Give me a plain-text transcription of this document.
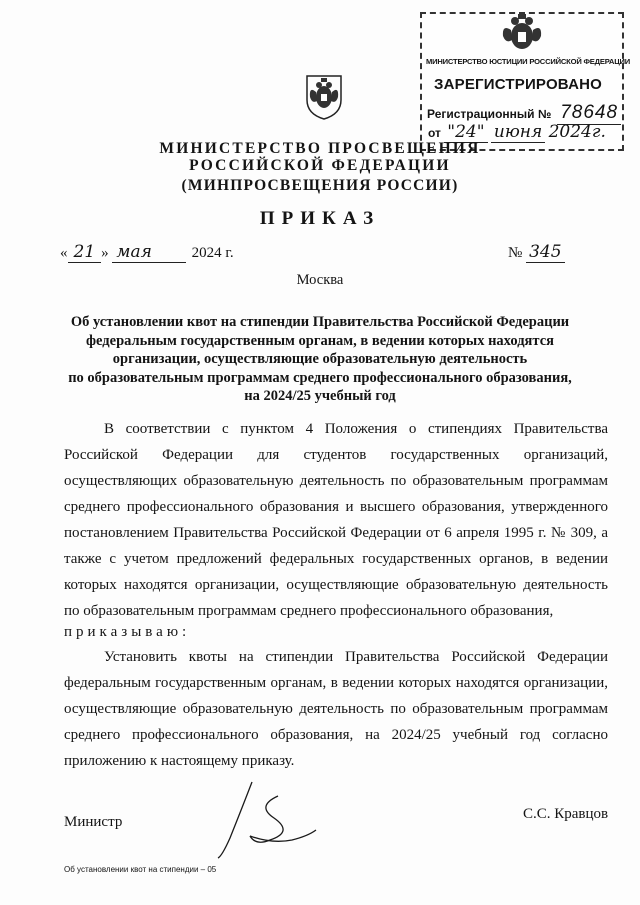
МИНИСТЕРСТВО ЮСТИЦИИ РОССИЙСКОЙ ФЕДЕРАЦИИ
ЗАРЕГИСТРИРОВАНО
Регистрационный № 78648
от "24" июня 2024г.
МИНИСТЕРСТВО ПРОСВЕЩЕНИЯ
РОССИЙСКОЙ ФЕДЕРАЦИИ
(МИНПРОСВЕЩЕНИЯ РОССИИ)
ПРИКАЗ
« 21 » мая	2024 г.	№ 345
Москва
Об установлении квот на стипендии Правительства Российской Федерации
федеральным государственным органам, в ведении которых находятся
организации, осуществляющие образовательную деятельность
по образовательным программам среднего профессионального образования,
на 2024/25 учебный год
В соответствии с пунктом 4 Положения о стипендиях Правительства Российской Федерации для студентов государственных организаций, осуществляющих образовательную деятельность по образовательным программам среднего профессионального образования и высшего образования, утвержденного постановлением Правительства Российской Федерации от 6 апреля 1995 г. № 309, а также с учетом предложений федеральных государственных органов, в ведении которых находятся организации, осуществляющие образовательную деятельность по образовательным программам среднего профессионального образования,
приказываю:
Установить квоты на стипендии Правительства Российской Федерации федеральным государственным органам, в ведении которых находятся организации, осуществляющие образовательную деятельность по образовательным программам среднего профессионального образования, на 2024/25 учебный год согласно приложению к настоящему приказу.
Министр	С.С. Кравцов
Об установлении квот на стипендии – 05
